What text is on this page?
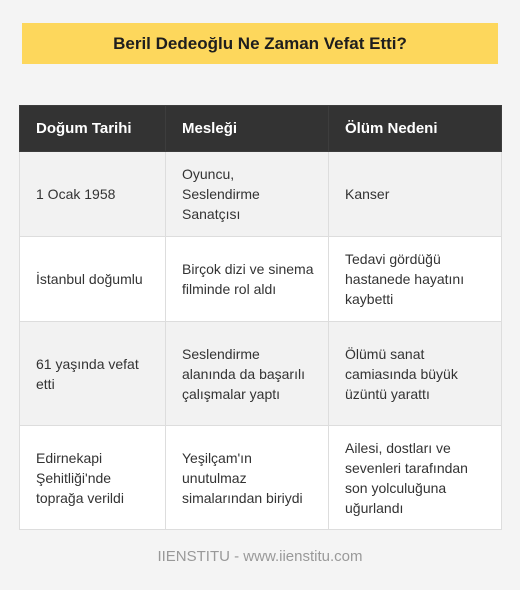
Beril Dedeoğlu Ne Zaman Vefat Etti?
Doğum Tarihi	Mesleği	Ölüm Nedeni
1 Ocak 1958	Oyuncu, Seslendirme Sanatçısı	Kanser
İstanbul doğumlu	Birçok dizi ve sinema filminde rol aldı	Tedavi gördüğü hastanede hayatını kaybetti
61 yaşında vefat etti	Seslendirme alanında da başarılı çalışmalar yaptı	Ölümü sanat camiasında büyük üzüntü yarattı
Edirnekapi Şehitliği'nde toprağa verildi	Yeşilçam'ın unutulmaz simalarından biriydi	Ailesi, dostları ve sevenleri tarafından son yolculuğuna uğurlandı
IIENSTITU - www.iienstitu.com
